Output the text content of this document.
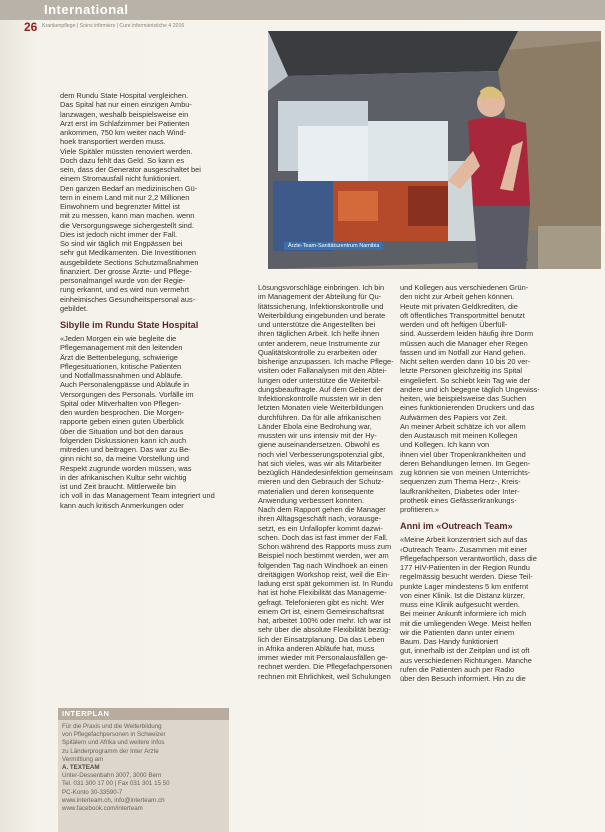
International
26 Krankenpflege | Soins infirmiers | Cure infermieristiche 4 2016
Ärzte-Team-Sanitätszentrum Namibia

dem Rundu State Hospital vergleichen.
Das Spital hat nur einen einzigen Ambu-
lanzwagen, weshalb beispielsweise ein
Arzt erst im Schlafzimmer bei Patienten
ankommen, 750 km weiter nach Wind-
hoek transportiert werden muss.
Viele Spitäler müssten renoviert werden.
Doch dazu fehlt das Geld. So kann es
sein, dass der Generator ausgeschaltet bei
einem Stromausfall nicht funktioniert.
Den ganzen Bedarf an medizinischen Gü-
tern in einem Land mit nur 2,2 Millionen
Einwohnern und begrenzter Mittel ist
mit zu messen, kann man machen. wenn
die Versorgungswege sichergestellt sind.
Dies ist jedoch nicht immer der Fall.
So sind wir täglich mit Engpässen bei
sehr gut Medikamenten. Die Investitionen
ausgebildete Sections Schutzmaßnahmen
finanziert. Der grosse Ärzte- und Pflege-
personalmangel wurde von der Regie-
rung erkannt, und es wird nun vermehrt
einheimisches Gesundheitspersonal aus-
gebildet.

Sibylle im Rundu State Hospital

«Jeden Morgen ein wie begleite die
Pflegemanagement mit den leitenden
Ärzt die Bettenbelegung, schwierige
Pflegesituationen, kritische Patienten
und Notfallmassnahmen und Abläufe.
Auch Personalengpässe und Abläufe in
Versorgungen des Personals. Vorfälle im
Spital oder Mitverhalten von Pflegen-
den wurden besprochen. Die Morgen-
rapporte geben einen guten Überblick
über die Situation und bot den daraus
folgenden Diskussionen kann ich auch
mitreden und beitragen. Das war zu Be-
ginn nicht so, da meine Vorstellung und
Respekt zugrunde worden müssen, was
in der afrikanischen Kultur sehr wichtig
ist und Zeit braucht. Mittlerweile bin
ich voll in das Management Team integriert und
kann auch kritisch Anmerkungen oder

Lösungsvorschläge einbringen. Ich bin
im Management der Abteilung für Qu-
litätssicherung, Infektionskontrolle und
Weiterbildung eingebunden und berate
und unterstütze die Angestellten bei
ihren täglichen Arbeit. Ich helfe ihnen
unter anderem, neue Instrumente zur
Qualitätskontrolle zu erarbeiten oder
bisherige anzupassen. Ich mache Pflege-
visiten oder Fallanalysen mit den Abtei-
lungen oder unterstütze die Weiterbil-
dungsbeauftragte. Auf dem Gebiet der
Infektionskontrolle mussten wir in den
letzten Monaten viele Weiterbildungen
durchführen. Da für alle afrikanischen
Länder Ebola eine Bedrohung war,
mussten wir uns intensiv mit der Hy-
giene auseinandersetzen. Obwohl es
noch viel Verbesserungspotenzial gibt,
hat sich vieles, was wir als Mitarbeiter
bezüglich Händedesinfektion gemeinsam
mieren und den Gebrauch der Schutz-
materialien und deren konsequente
Anwendung verbessert konnten.
Nach dem Rapport gehen die Manager
ihren Alltagsgeschäft nach, vorausge-
setzt, es ein Unfallopfer kommt dazwi-
schen. Doch das ist fast immer der Fall.
Schon während des Rapports muss zum
Beispiel noch bestimmt werden, wer am
folgenden Tag nach Windhoek an einen
dreitägigen Workshop reist, weil die Ein-
ladung erst spät gekommen ist. In Rundu
hat ist hohe Flexibilität das Manageme-
gefragt. Telefonieren gibt es nicht. Wer
einem Ort ist, einem Gemeinschaftsrat
hat, arbeitet 100% oder mehr. Ich war ist
sehr über die absolute Flexibilität bezüg-
lich der Einsatzplanung. Da das Leben
in Afrika anderen Abläufe hat, muss
immer wieder mit Personalausfällen ge-
rechnet werden. Die Pflegefachpersonen
rechnen mit Ehrlichkeit, weil Schulungen

und Kollegen aus verschiedenen Grün-
den nicht zur Arbeit gehen können.
Heute mit privaten Geldkrediten, die
oft öffentliches Transportmittel benutzt
werden und oft heftigen Überfüll-
sind. Ausserdem leiden häufig ihre Dorm
müssen auch die Manager eher Regen
fassen und im Notfall zur Hand gehen.
Nicht selten werden dann 10 bis 20 ver-
letzte Personen gleichzeitig ins Spital
eingeliefert. So schiebt kein Tag wie der
andere und ich begegne täglich Ungewiss-
heiten, wie beispielsweise das Suchen
eines funktionierenden Druckers und das
Aufwärmen des Papiers vor Zeit.
An meiner Arbeit schätze ich vor allem
den Austausch mit meinen Kollegen
und Kollegen. Ich kann von
ihnen viel über Tropenkrankheiten und
deren Behandlungen lernen. Im Gegen-
zug können sie von meinen Unterrichts-
sequenzen zum Thema Herz-, Kreis-
laufkrankheiten, Diabetes oder Inter-
prothetik eines Gefässerkrankungs-
profitieren.»

Anni im «Outreach Team»

«Meine Arbeit konzentriert sich auf das
‹Outreach Team›. Zusammen mit einer
Pflegefachperson verantwortlich, dass die
177 HIV-Patienten in der Region Rundu
regelmässig besucht werden. Diese Teil-
punkte Lager mindestens 5 km entfernt
von einer Klinik. Ist die Distanz kürzer,
muss eine Klinik aufgesucht werden.
Bei meiner Ankunft informiere ich mich
mit die umliegenden Wege. Meist helfen
wir die Patienten dann unter einem
Baum. Das Handy funktioniert
gut, innerhalb ist der Zeitplan und ist oft
aus verschiedenen Richtungen. Manche
rufen die Patienten auch per Radio
über den Besuch informiert. Hin zu die

INTERPLAN
Für die Praxis und die Weiterbildung
von Pflegefachpersonen in Schweizer
Spitälern und Afrika und weitere Infos
zu Länderprogramm der Inter Ärzte
Vermittlung am
A. TEXTEAM
Unter-Dessenbahn 3007, 3000 Bern
Tel. 031 300 17 00 | Fax 031 301 15 50
PC-Konto 30-33590-7
www.interteam.ch, info@interteam.ch
www.facebook.com/interteam
